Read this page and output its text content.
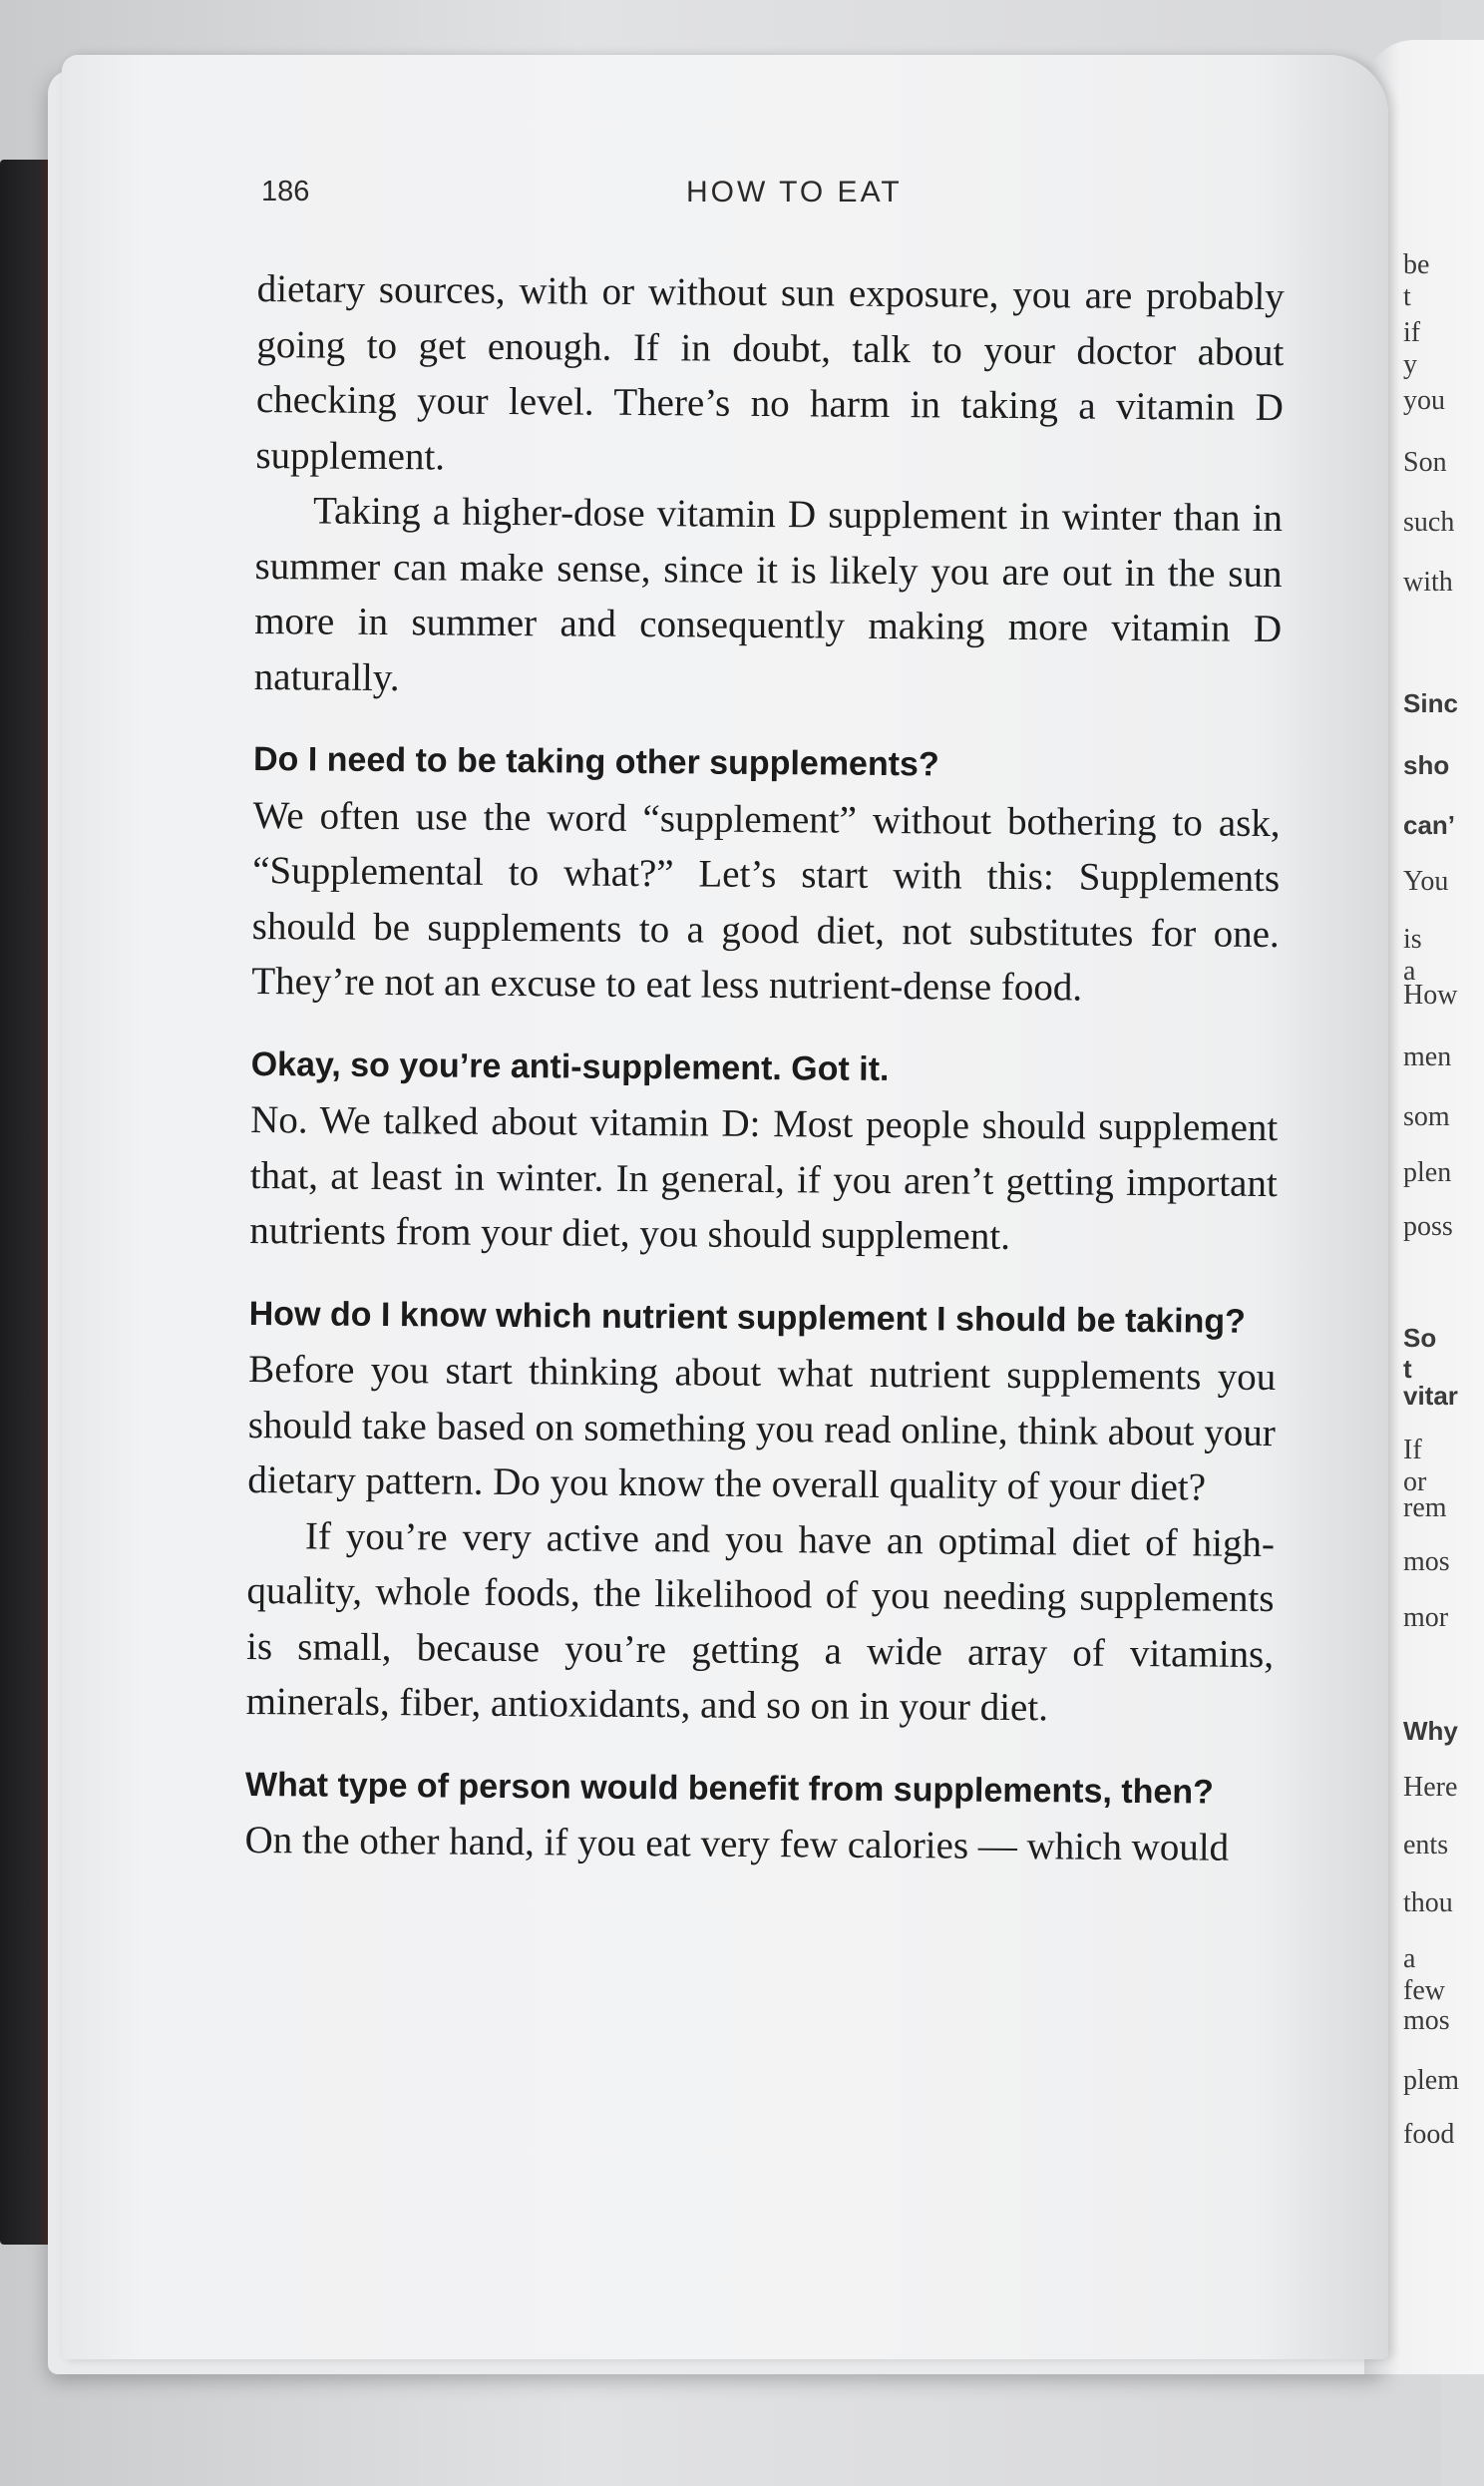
186	HOW TO EAT

dietary sources, with or without sun exposure, you are probably going to get enough. If in doubt, talk to your doctor about checking your level. There’s no harm in taking a vitamin D supplement.

Taking a higher-dose vitamin D supplement in winter than in summer can make sense, since it is likely you are out in the sun more in summer and consequently making more vitamin D naturally.

Do I need to be taking other supplements?

We often use the word “supplement” without bothering to ask, “Supplemental to what?” Let’s start with this: Supplements should be supplements to a good diet, not substitutes for one. They’re not an excuse to eat less nutrient-dense food.

Okay, so you’re anti-supplement. Got it.

No. We talked about vitamin D: Most people should supplement that, at least in winter. In general, if you aren’t getting important nutrients from your diet, you should supplement.

How do I know which nutrient supplement I should be taking?

Before you start thinking about what nutrient supplements you should take based on something you read online, think about your dietary pattern. Do you know the overall quality of your diet?

If you’re very active and you have an optimal diet of high-quality, whole foods, the likelihood of you needing supplements is small, because you’re getting a wide array of vitamins, minerals, fiber, antioxidants, and so on in your diet.

What type of person would benefit from supplements, then?

On the other hand, if you eat very few calories — which would

be t
if y
you
Son
such
with
Sinc
sho
can’
You
is a
How
men
som
plen
poss
So t
vitar
If or
rem
mos
mor
Why
Here
ents
thou
a few
mos
plem
food
